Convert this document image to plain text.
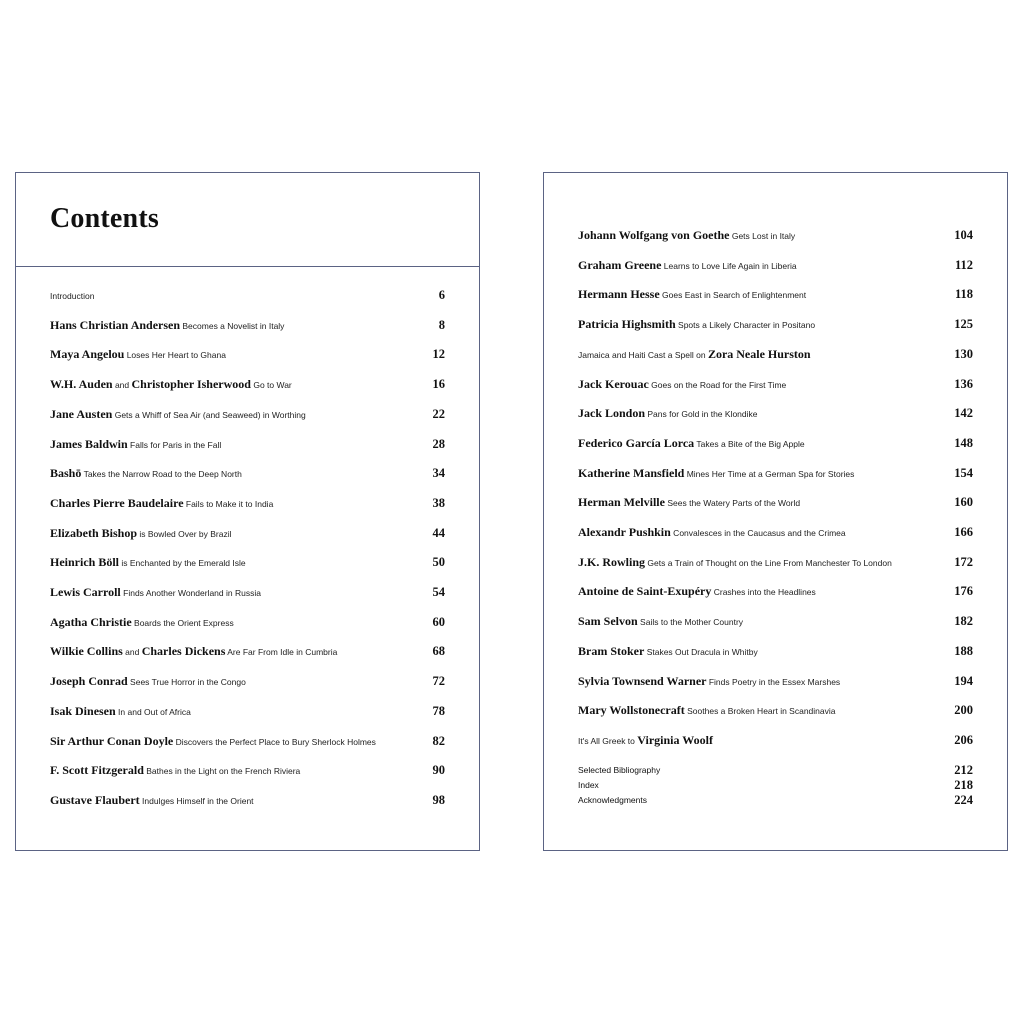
Contents
Introduction	6
Hans Christian Andersen Becomes a Novelist in Italy	8
Maya Angelou Loses Her Heart to Ghana	12
W.H. Auden and Christopher Isherwood Go to War	16
Jane Austen Gets a Whiff of Sea Air (and Seaweed) in Worthing	22
James Baldwin Falls for Paris in the Fall	28
Bashō Takes the Narrow Road to the Deep North	34
Charles Pierre Baudelaire Fails to Make it to India	38
Elizabeth Bishop is Bowled Over by Brazil	44
Heinrich Böll is Enchanted by the Emerald Isle	50
Lewis Carroll Finds Another Wonderland in Russia	54
Agatha Christie Boards the Orient Express	60
Wilkie Collins and Charles Dickens Are Far From Idle in Cumbria	68
Joseph Conrad Sees True Horror in the Congo	72
Isak Dinesen In and Out of Africa	78
Sir Arthur Conan Doyle Discovers the Perfect Place to Bury Sherlock Holmes	82
F. Scott Fitzgerald Bathes in the Light on the French Riviera	90
Gustave Flaubert Indulges Himself in the Orient	98
Johann Wolfgang von Goethe Gets Lost in Italy	104
Graham Greene Learns to Love Life Again in Liberia	112
Hermann Hesse Goes East in Search of Enlightenment	118
Patricia Highsmith Spots a Likely Character in Positano	125
Jamaica and Haiti Cast a Spell on Zora Neale Hurston	130
Jack Kerouac Goes on the Road for the First Time	136
Jack London Pans for Gold in the Klondike	142
Federico García Lorca Takes a Bite of the Big Apple	148
Katherine Mansfield Mines Her Time at a German Spa for Stories	154
Herman Melville Sees the Watery Parts of the World	160
Alexandr Pushkin Convalesces in the Caucasus and the Crimea	166
J.K. Rowling Gets a Train of Thought on the Line From Manchester To London	172
Antoine de Saint-Exupéry Crashes into the Headlines	176
Sam Selvon Sails to the Mother Country	182
Bram Stoker Stakes Out Dracula in Whitby	188
Sylvia Townsend Warner Finds Poetry in the Essex Marshes	194
Mary Wollstonecraft Soothes a Broken Heart in Scandinavia	200
It's All Greek to Virginia Woolf	206
Selected Bibliography	212
Index	218
Acknowledgments	224
